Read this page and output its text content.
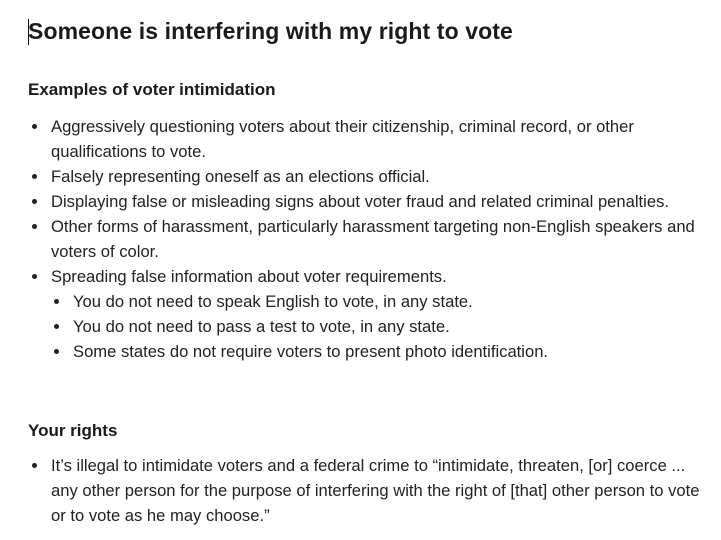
Someone is interfering with my right to vote
Examples of voter intimidation
Aggressively questioning voters about their citizenship, criminal record, or other qualifications to vote.
Falsely representing oneself as an elections official.
Displaying false or misleading signs about voter fraud and related criminal penalties.
Other forms of harassment, particularly harassment targeting non-English speakers and voters of color.
Spreading false information about voter requirements.
You do not need to speak English to vote, in any state.
You do not need to pass a test to vote, in any state.
Some states do not require voters to present photo identification.
Your rights
It’s illegal to intimidate voters and a federal crime to “intimidate, threaten, [or] coerce ... any other person for the purpose of interfering with the right of [that] other person to vote or to vote as he may choose.”
